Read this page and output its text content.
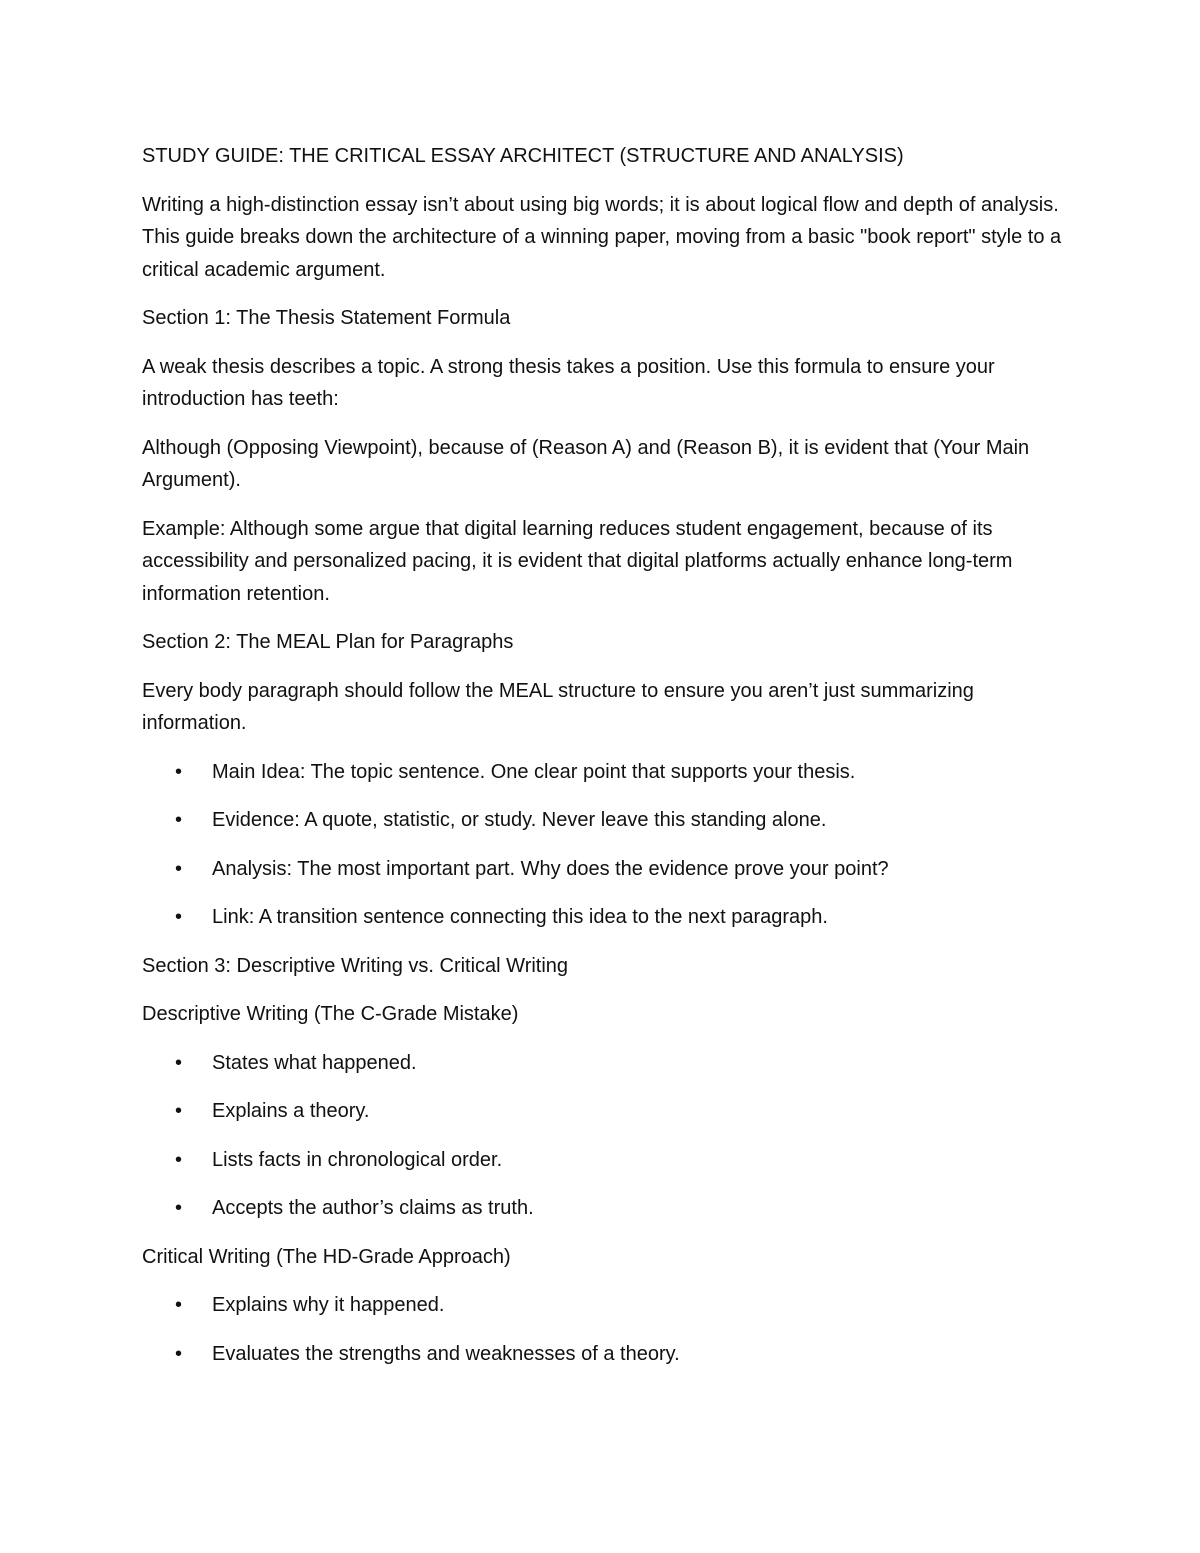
STUDY GUIDE: THE CRITICAL ESSAY ARCHITECT (STRUCTURE AND ANALYSIS)

Writing a high-distinction essay isn’t about using big words; it is about logical flow and depth of analysis. This guide breaks down the architecture of a winning paper, moving from a basic "book report" style to a critical academic argument.

Section 1: The Thesis Statement Formula

A weak thesis describes a topic. A strong thesis takes a position. Use this formula to ensure your introduction has teeth:

Although (Opposing Viewpoint), because of (Reason A) and (Reason B), it is evident that (Your Main Argument).

Example: Although some argue that digital learning reduces student engagement, because of its accessibility and personalized pacing, it is evident that digital platforms actually enhance long-term information retention.

Section 2: The MEAL Plan for Paragraphs

Every body paragraph should follow the MEAL structure to ensure you aren’t just summarizing information.

• Main Idea: The topic sentence. One clear point that supports your thesis.
• Evidence: A quote, statistic, or study. Never leave this standing alone.
• Analysis: The most important part. Why does the evidence prove your point?
• Link: A transition sentence connecting this idea to the next paragraph.

Section 3: Descriptive Writing vs. Critical Writing

Descriptive Writing (The C-Grade Mistake)

• States what happened.
• Explains a theory.
• Lists facts in chronological order.
• Accepts the author’s claims as truth.

Critical Writing (The HD-Grade Approach)

• Explains why it happened.
• Evaluates the strengths and weaknesses of a theory.
